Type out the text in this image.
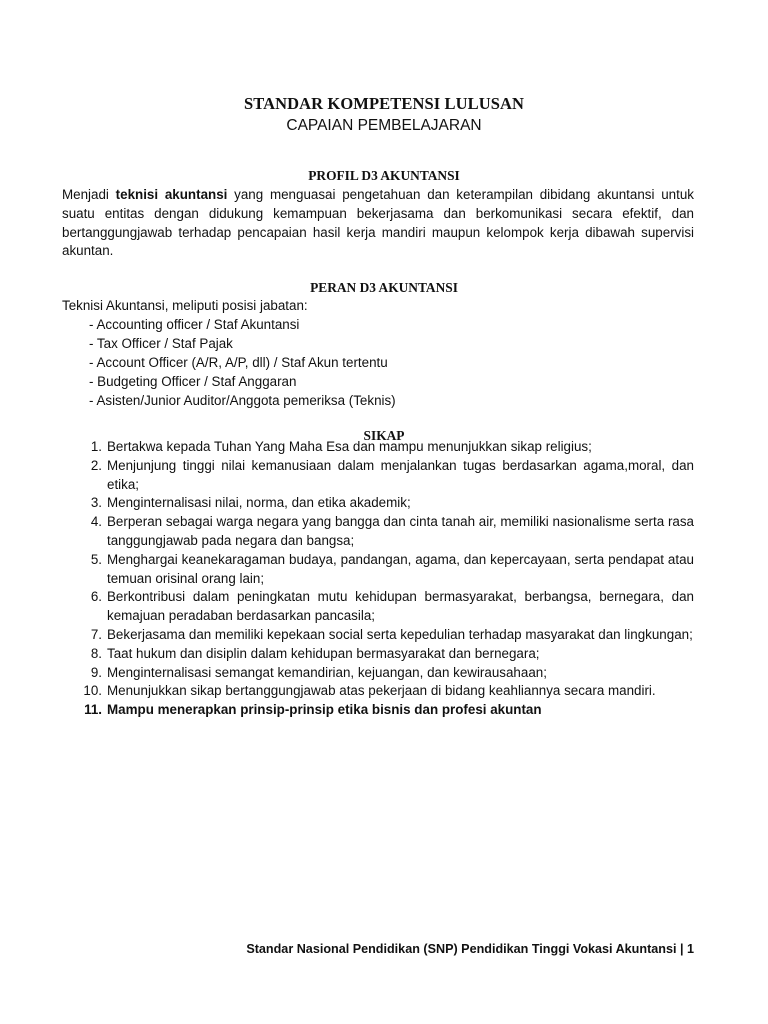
STANDAR KOMPETENSI LULUSAN
CAPAIAN PEMBELAJARAN
PROFIL D3 AKUNTANSI
Menjadi teknisi akuntansi yang menguasai pengetahuan dan keterampilan dibidang akuntansi untuk suatu entitas dengan didukung kemampuan bekerjasama dan berkomunikasi secara efektif, dan bertanggungjawab terhadap pencapaian hasil kerja mandiri maupun kelompok kerja dibawah supervisi akuntan.
PERAN D3 AKUNTANSI
Teknisi Akuntansi, meliputi posisi jabatan:
- Accounting officer / Staf Akuntansi
- Tax Officer / Staf Pajak
- Account Officer (A/R, A/P, dll) / Staf Akun tertentu
- Budgeting Officer / Staf Anggaran
- Asisten/Junior Auditor/Anggota pemeriksa (Teknis)
SIKAP
1. Bertakwa kepada Tuhan Yang Maha Esa dan mampu menunjukkan sikap religius;
2. Menjunjung tinggi nilai kemanusiaan dalam menjalankan tugas berdasarkan agama,moral, dan etika;
3. Menginternalisasi nilai, norma, dan etika akademik;
4. Berperan sebagai warga negara yang bangga dan cinta tanah air, memiliki nasionalisme serta rasa tanggungjawab pada negara dan bangsa;
5. Menghargai keanekaragaman budaya, pandangan, agama, dan kepercayaan, serta pendapat atau temuan orisinal orang lain;
6. Berkontribusi dalam peningkatan mutu kehidupan bermasyarakat, berbangsa, bernegara, dan kemajuan peradaban berdasarkan pancasila;
7. Bekerjasama dan memiliki kepekaan social serta kepedulian terhadap masyarakat dan lingkungan;
8. Taat hukum dan disiplin dalam kehidupan bermasyarakat dan bernegara;
9. Menginternalisasi semangat kemandirian, kejuangan, dan kewirausahaan;
10. Menunjukkan sikap bertanggungjawab atas pekerjaan di bidang keahliannya secara mandiri.
11. Mampu menerapkan prinsip-prinsip etika bisnis dan profesi akuntan
Standar Nasional Pendidikan (SNP) Pendidikan Tinggi Vokasi Akuntansi | 1
